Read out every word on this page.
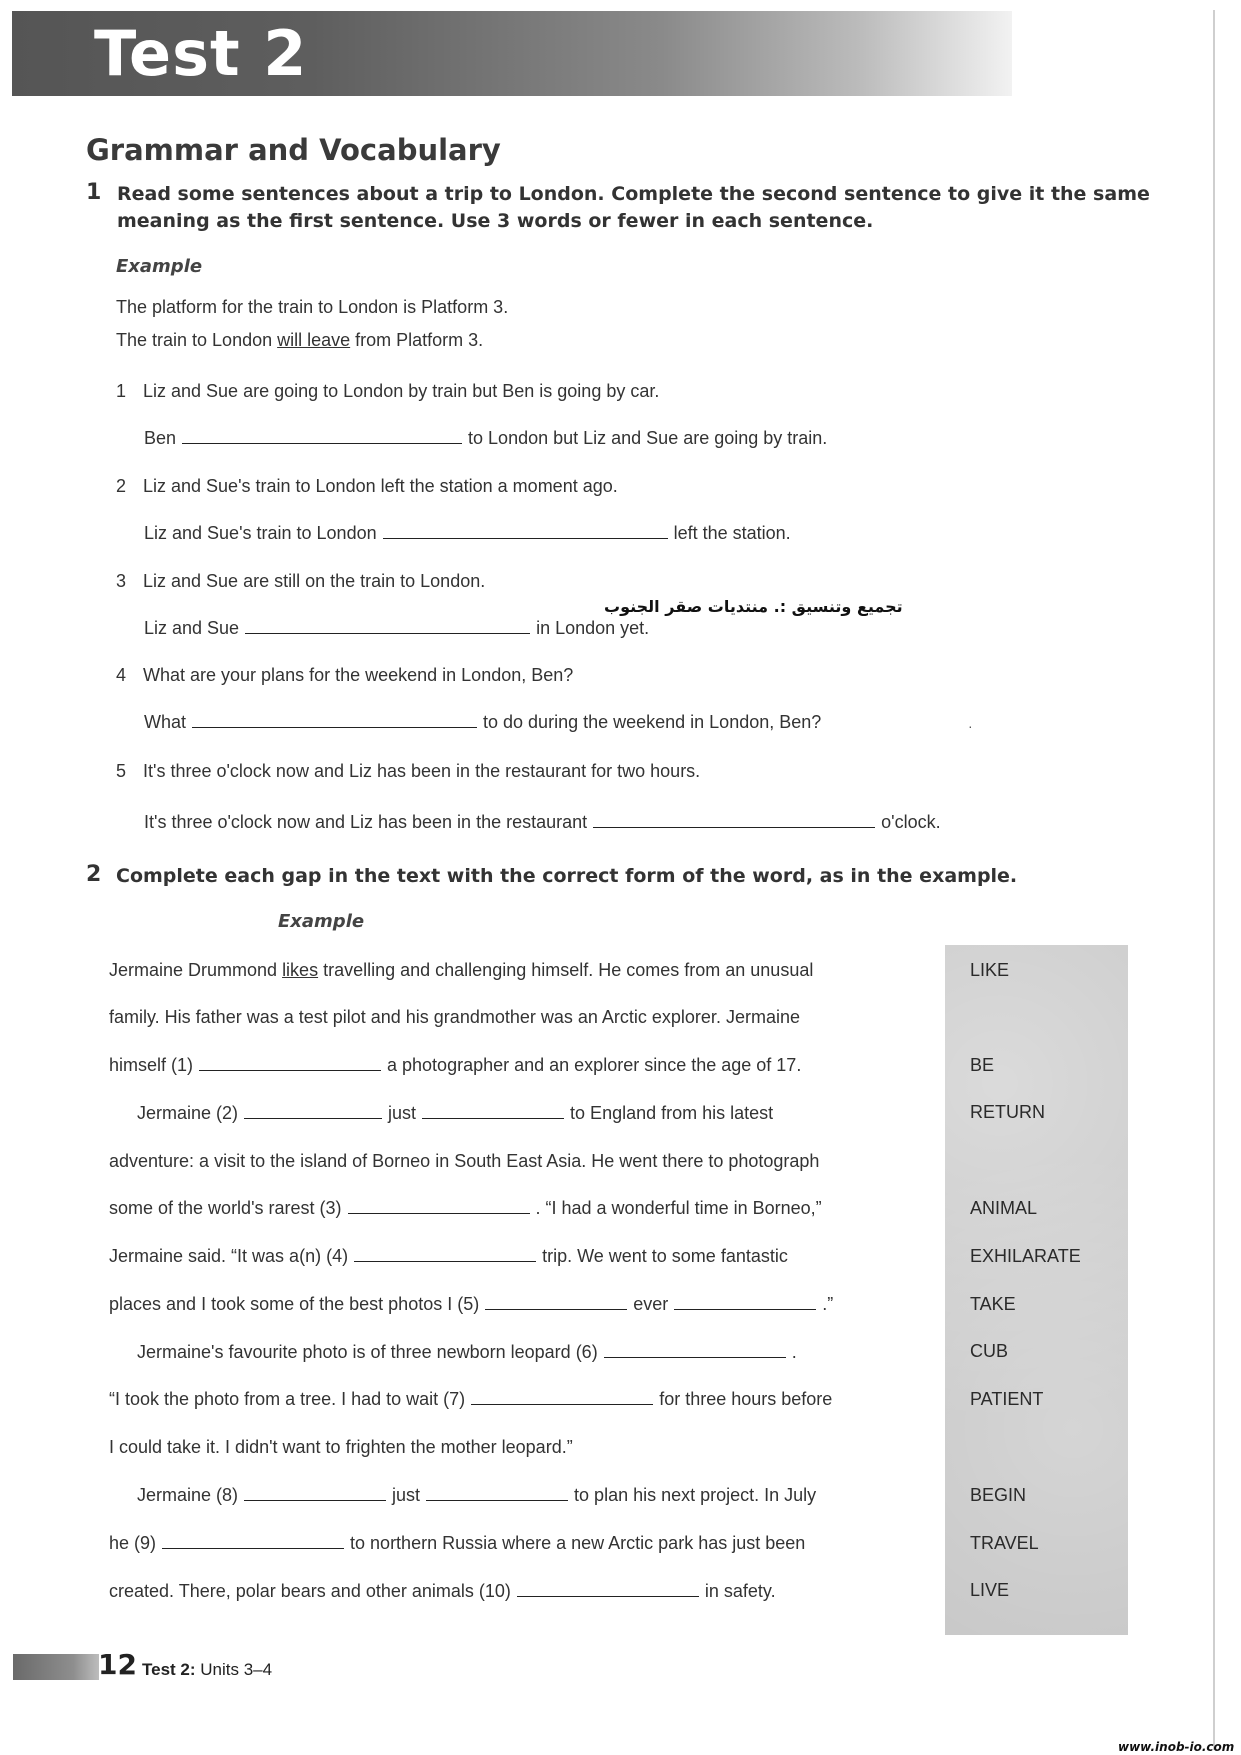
Test 2
Grammar and Vocabulary
1 Read some sentences about a trip to London. Complete the second sentence to give it the same
meaning as the first sentence. Use 3 words or fewer in each sentence.
Example
The platform for the train to London is Platform 3.
The train to London will leave from Platform 3.
1 Liz and Sue are going to London by train but Ben is going by car.
Ben	to London but Liz and Sue are going by train.
2 Liz and Sue's train to London left the station a moment ago.
Liz and Sue's train to London	left the station.
3 Liz and Sue are still on the train to London.
تجميع وتنسيق :. منتديات صقر الجنوب
Liz and Sue	in London yet.
4 What are your plans for the weekend in London, Ben?
What	to do during the weekend in London, Ben?	·
5 It's three o'clock now and Liz has been in the restaurant for two hours.
It's three o'clock now and Liz has been in the restaurant	o'clock.
2 Complete each gap in the text with the correct form of the word, as in the example.
Example
Jermaine Drummond likes travelling and challenging himself. He comes from an unusual
family. His father was a test pilot and his grandmother was an Arctic explorer. Jermaine
himself (1)	a photographer and an explorer since the age of 17.
Jermaine (2)	just	to England from his latest
adventure: a visit to the island of Borneo in South East Asia. He went there to photograph
some of the world's rarest (3)	. “I had a wonderful time in Borneo,”
Jermaine said. “It was a(n) (4)	trip. We went to some fantastic
places and I took some of the best photos I (5)	ever	.”
Jermaine's favourite photo is of three newborn leopard (6)	.
“I took the photo from a tree. I had to wait (7)	for three hours before
I could take it. I didn't want to frighten the mother leopard.”
Jermaine (8)	just	to plan his next project. In July
he (9)	to northern Russia where a new Arctic park has just been
created. There, polar bears and other animals (10)	in safety.
LIKE
BE
RETURN
ANIMAL
EXHILARATE
TAKE
CUB
PATIENT
BEGIN
TRAVEL
LIVE
12 Test 2: Units 3–4
www.inob-io.com
